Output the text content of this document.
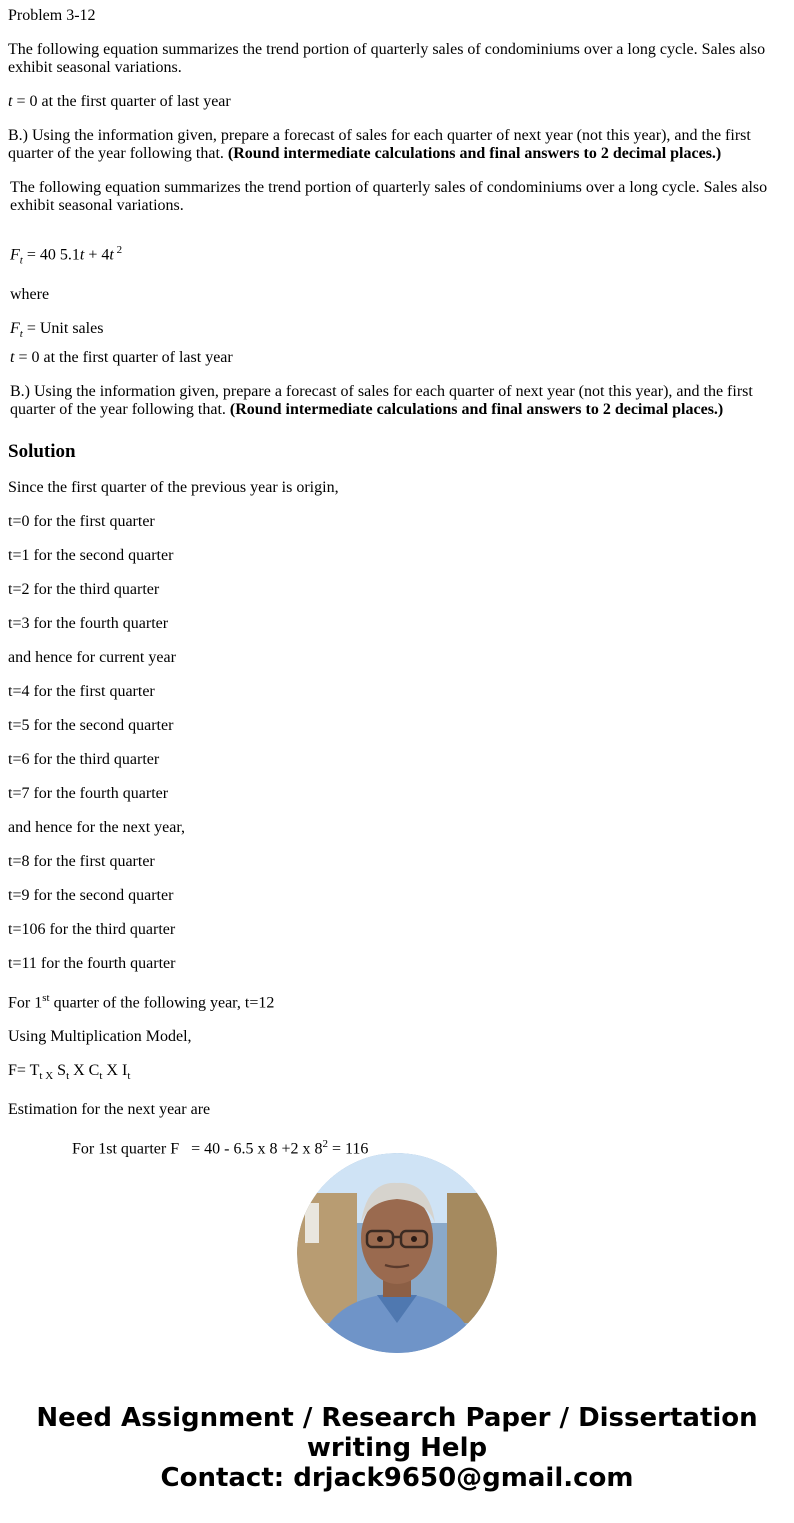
Problem 3-12

The following equation summarizes the trend portion of quarterly sales of condominiums over a long cycle. Sales also exhibit seasonal variations.

t = 0 at the first quarter of last year

B.) Using the information given, prepare a forecast of sales for each quarter of next year (not this year), and the first quarter of the year following that. (Round intermediate calculations and final answers to 2 decimal places.)

The following equation summarizes the trend portion of quarterly sales of condominiums over a long cycle. Sales also exhibit seasonal variations.

$F_t = 40$ 5.1t + 4t $^2$

where

$F_t$ = Unit sales

t = 0 at the first quarter of last year

B.) Using the information given, prepare a forecast of sales for each quarter of next year (not this year), and the first quarter of the year following that. (Round intermediate calculations and final answers to 2 decimal places.)

Solution

Since the first quarter of the previous year is origin,

t=0 for the first quarter

t=1 for the second quarter

t=2 for the third quarter

t=3 for the fourth quarter

and hence for current year

t=4 for the first quarter

t=5 for the second quarter

t=6 for the third quarter

t=7 for the fourth quarter

and hence for the next year,

t=8 for the first quarter

t=9 for the second quarter

t=106 for the third quarter

t=11 for the fourth quarter

For 1st quarter of the following year, t=12

Using Multiplication Model,

$F= T_{t X}$ $S_t$ X $C_t$ X $I_t$

Estimation for the next year are

For 1st quarter F   = 40 - 6.5 x 8 +2 x $8^2 = 116$

Need Assignment / Research Paper / Dissertation
writing Help
Contact: drjack9650@gmail.com
